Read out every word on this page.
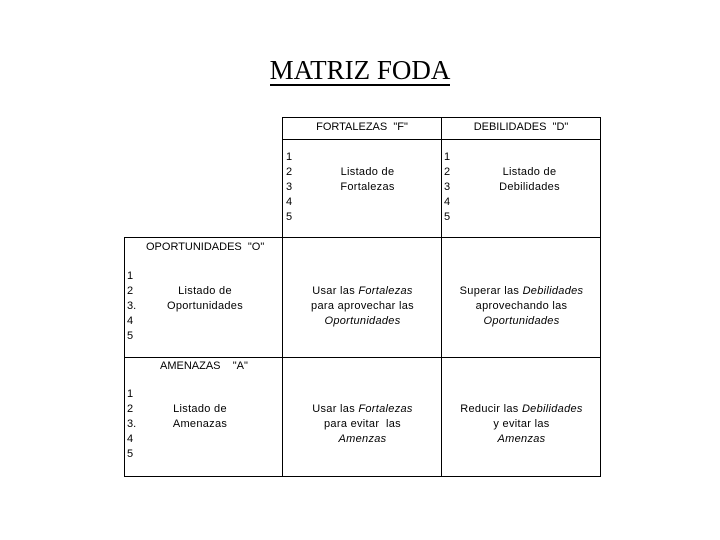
MATRIZ FODA
FORTALEZAS  "F"	DEBILIDADES  "D"
1
2
3
4
5
Listado de
Fortalezas
1
2
3
4
5
Listado de
Debilidades
OPORTUNIDADES  "O"
1
2
3.
4
5
Listado de
Oportunidades
Usar las Fortalezas
para aprovechar las
Oportunidades
Superar las Debilidades
aprovechando las
Oportunidades
AMENAZAS    "A"
1
2
3.
4
5
Listado de
Amenazas
Usar las Fortalezas
para evitar  las
Amenzas
Reducir las Debilidades
y evitar las
Amenzas
